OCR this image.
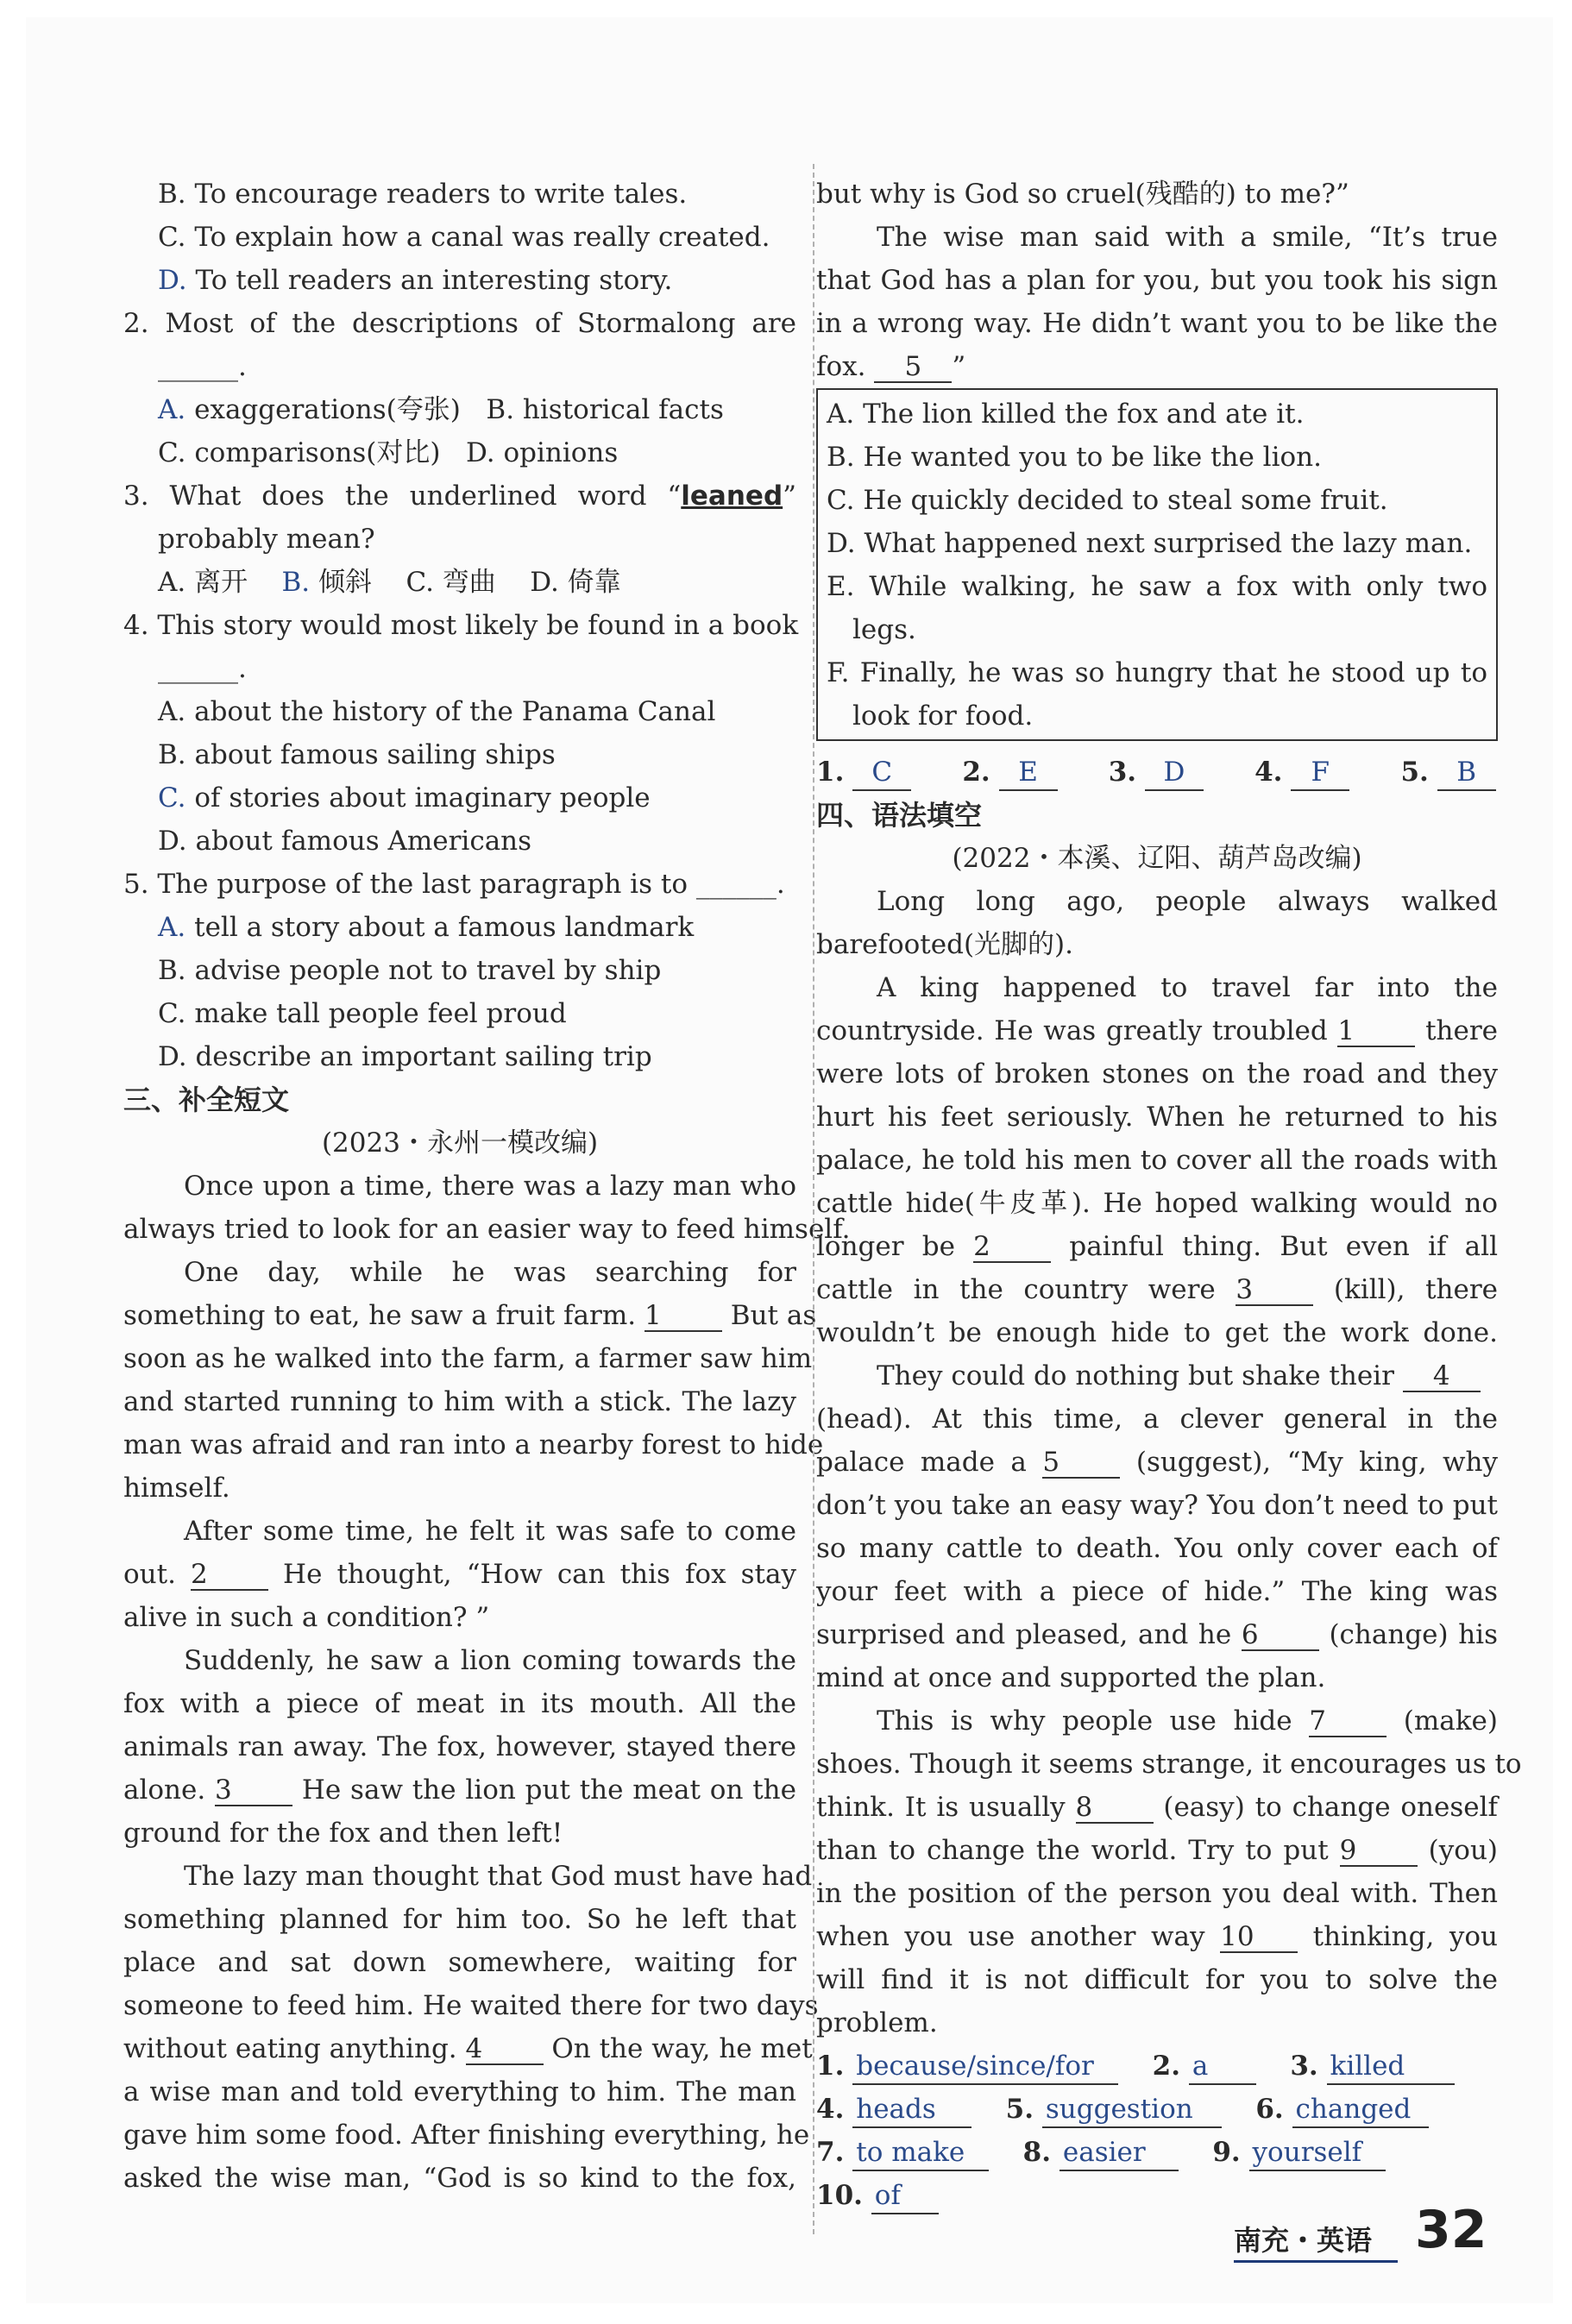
B. To encourage readers to write tales.
C. To explain how a canal was really created.
D. To tell readers an interesting story.
2. Most of the descriptions of Stormalong are
______.
A. exaggerations(夸张) B. historical facts
C. comparisons(对比) D. opinions
3. What does the underlined word “leaned”
probably mean?
A. 离开 B. 倾斜 C. 弯曲 D. 倚靠
4. This story would most likely be found in a book
______.
A. about the history of the Panama Canal
B. about famous sailing ships
C. of stories about imaginary people
D. about famous Americans
5. The purpose of the last paragraph is to ______.
A. tell a story about a famous landmark
B. advise people not to travel by ship
C. make tall people feel proud
D. describe an important sailing trip
三、补全短文
(2023・永州一模改编)
Once upon a time, there was a lazy man who
always tried to look for an easier way to feed himself.
One day, while he was searching for
something to eat, he saw a fruit farm. 1	But as
soon as he walked into the farm, a farmer saw him
and started running to him with a stick. The lazy
man was afraid and ran into a nearby forest to hide
himself.
After some time, he felt it was safe to come
out. 2	He thought, “How can this fox stay
alive in such a condition? ”
Suddenly, he saw a lion coming towards the
fox with a piece of meat in its mouth. All the
animals ran away. The fox, however, stayed there
alone. 3	He saw the lion put the meat on the
ground for the fox and then left!
The lazy man thought that God must have had
something planned for him too. So he left that
place and sat down somewhere, waiting for
someone to feed him. He waited there for two days
without eating anything. 4	On the way, he met
a wise man and told everything to him. The man
gave him some food. After finishing everything, he
asked the wise man, “God is so kind to the fox,
but why is God so cruel(残酷的) to me?”
The wise man said with a smile, “It’s true
that God has a plan for you, but you took his sign
in a wrong way. He didn’t want you to be like the
fox. 5 ”
A. The lion killed the fox and ate it.
B. He wanted you to be like the lion.
C. He quickly decided to steal some fruit.
D. What happened next surprised the lazy man.
E. While walking, he saw a fox with only two
legs.
F. Finally, he was so hungry that he stood up to
look for food.
1. C	2. E	3. D	4. F	5. B
四、语法填空
(2022・本溪、辽阳、葫芦岛改编)
Long long ago, people always walked
barefooted(光脚的).
A king happened to travel far into the
countryside. He was greatly troubled 1	there
were lots of broken stones on the road and they
hurt his feet seriously. When he returned to his
palace, he told his men to cover all the roads with
cattle hide(牛皮革). He hoped walking would no
longer be 2	painful thing. But even if all
cattle in the country were 3	(kill), there
wouldn’t be enough hide to get the work done.
They could do nothing but shake their 4
(head). At this time, a clever general in the
palace made a 5	(suggest), “My king, why
don’t you take an easy way? You don’t need to put
so many cattle to death. You only cover each of
your feet with a piece of hide.” The king was
surprised and pleased, and he 6	(change) his
mind at once and supported the plan.
This is why people use hide 7	(make)
shoes. Though it seems strange, it encourages us to
think. It is usually 8	(easy) to change oneself
than to change the world. Try to put 9	(you)
in the position of the person you deal with. Then
when you use another way 10 thinking, you
will find it is not difficult for you to solve the
problem.
1. because/since/for 2. a	3. killed
4. heads	5. suggestion 6. changed
7. to make 8. easier	9. yourself
10. of
南充・英语 32
